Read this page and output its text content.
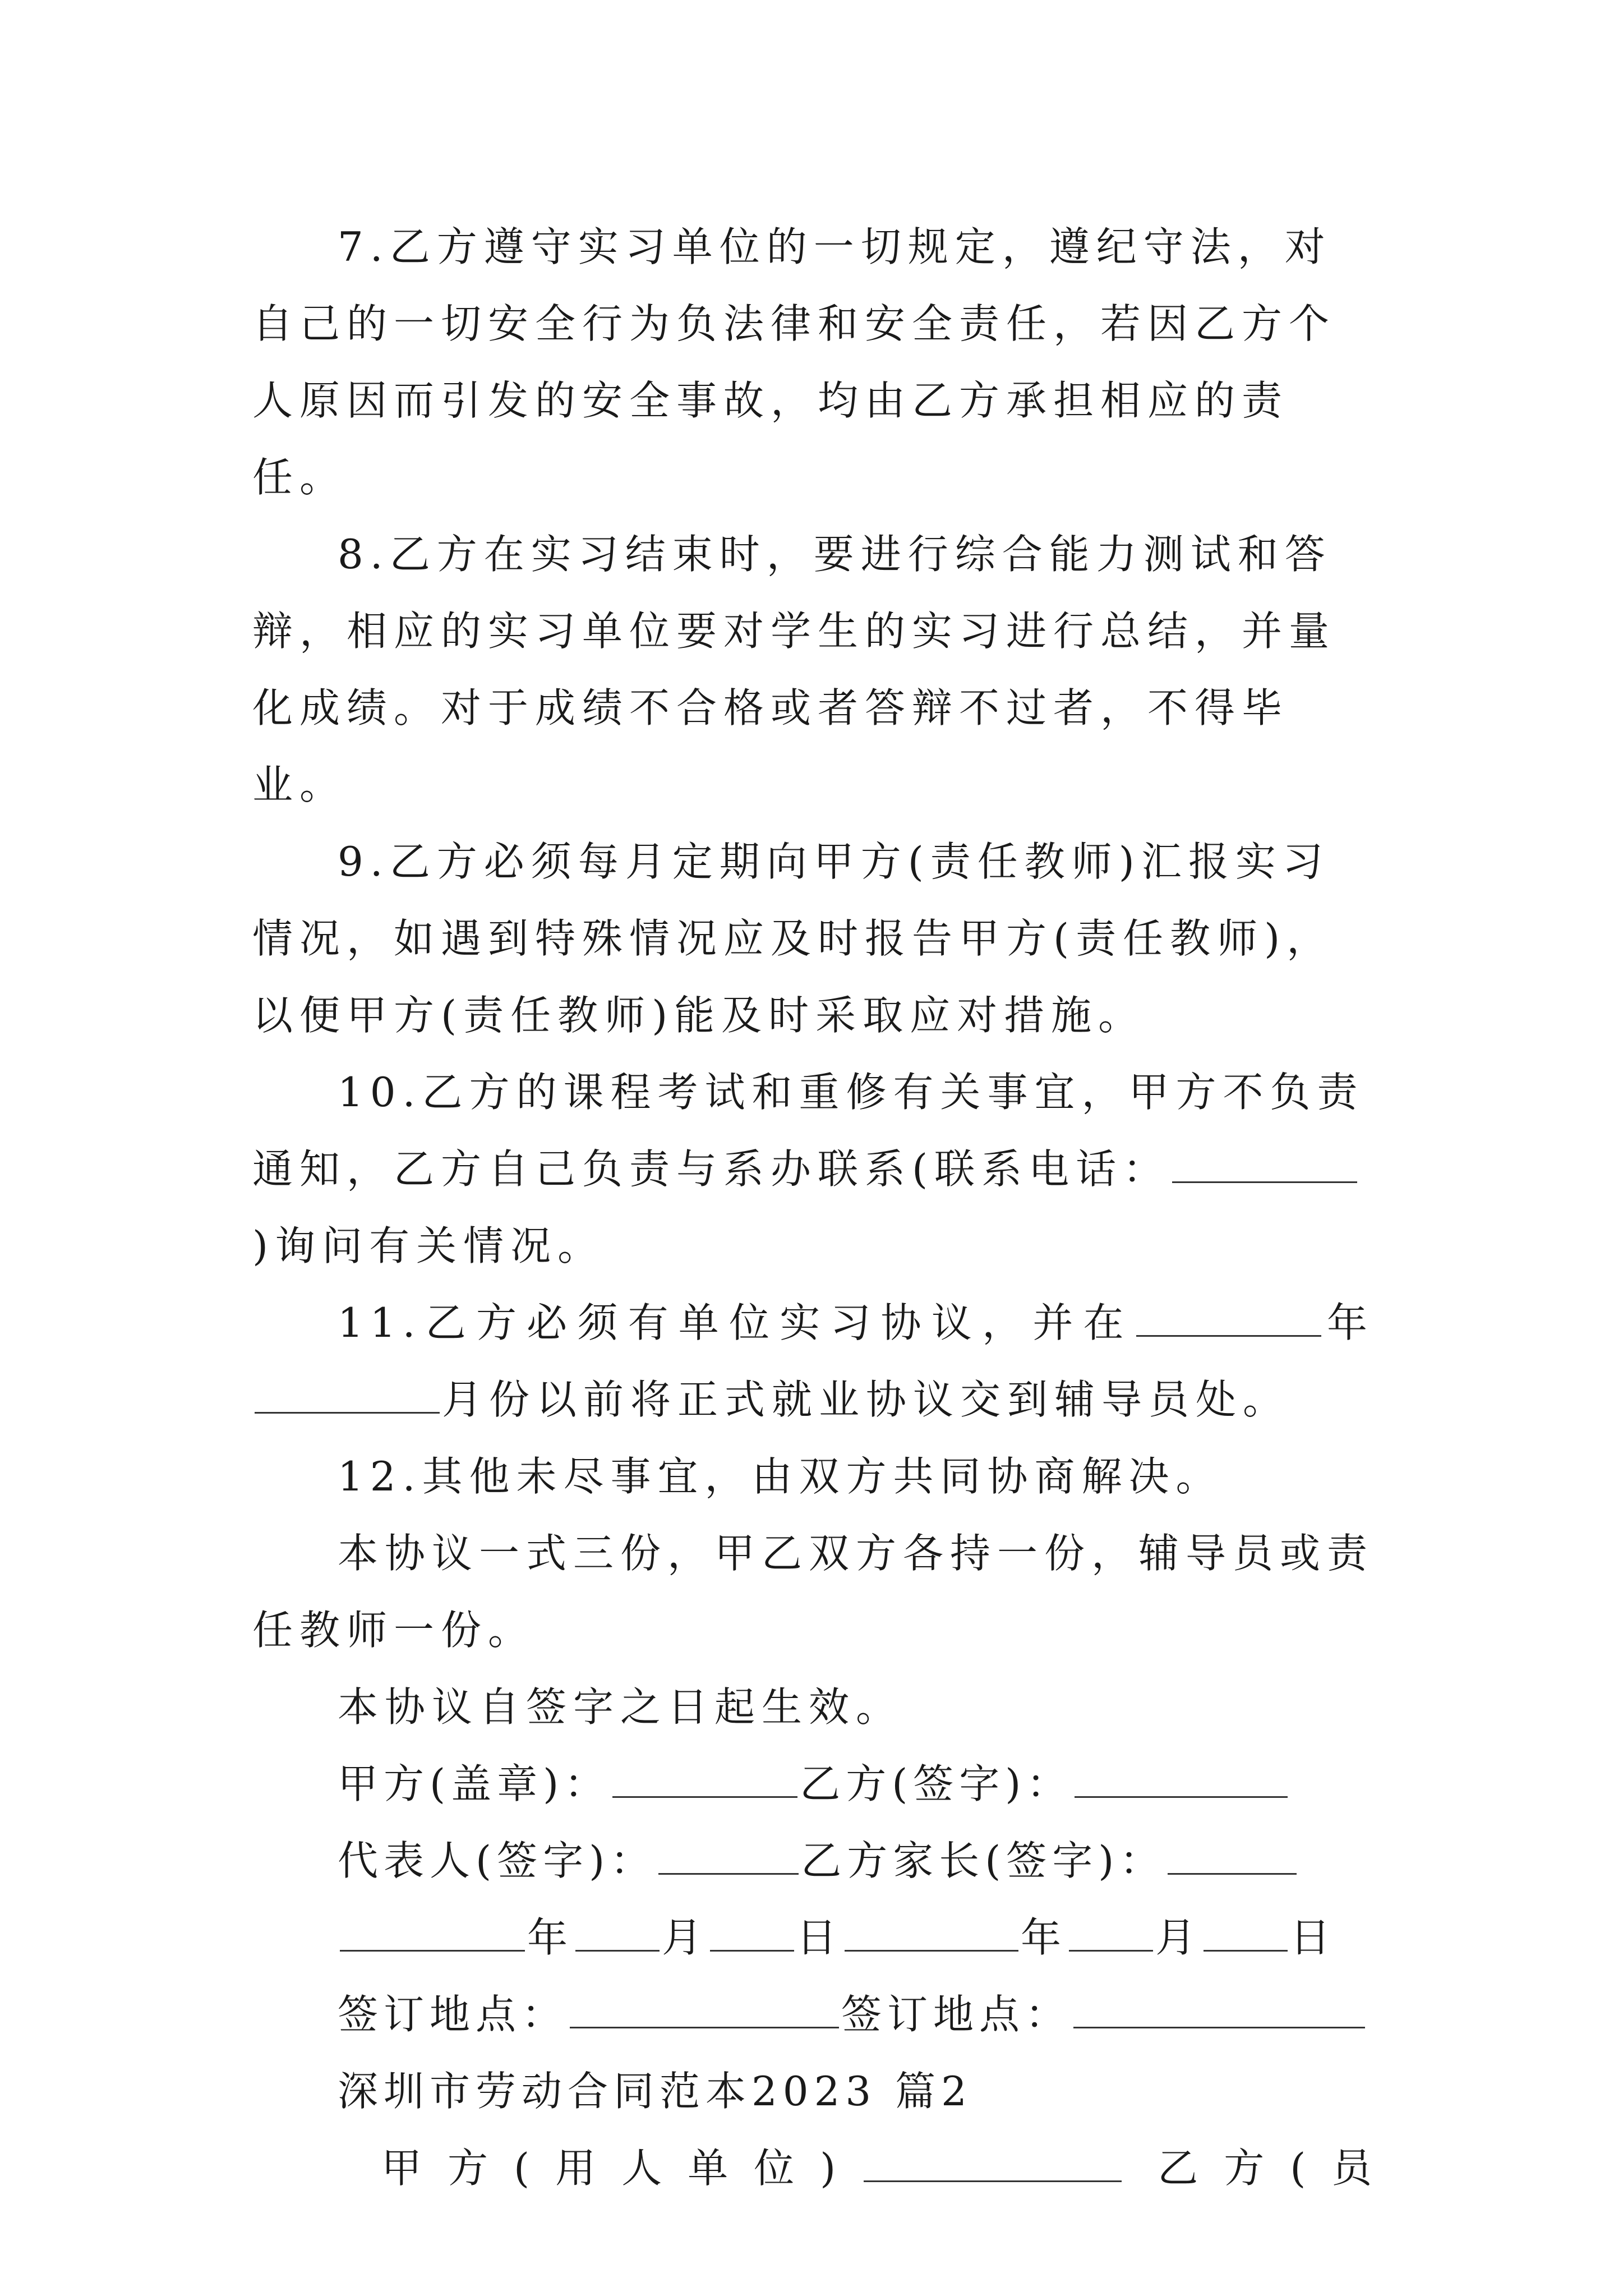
7.乙方遵守实习单位的一切规定，遵纪守法，对自己的一切安全行为负法律和安全责任，若因乙方个人原因而引发的安全事故，均由乙方承担相应的责任。

8.乙方在实习结束时，要进行综合能力测试和答辩，相应的实习单位要对学生的实习进行总结，并量化成绩。对于成绩不合格或者答辩不过者，不得毕业。

9.乙方必须每月定期向甲方(责任教师)汇报实习情况，如遇到特殊情况应及时报告甲方(责任教师)，以便甲方(责任教师)能及时采取应对措施。

10.乙方的课程考试和重修有关事宜，甲方不负责通知，乙方自己负责与系办联系(联系电话：)询问有关情况。

11.乙方必须有单位实习协议，并在	年

月份以前将正式就业协议交到辅导员处。

12.其他未尽事宜，由双方共同协商解决。

本协议一式三份，甲乙双方各持一份，辅导员或责任教师一份。

本协议自签字之日起生效。

甲方(盖章)：	乙方(签字)：
代表人(签字)：	乙方家长(签字)：
年 月 日	年 月 日
签订地点：	签订地点：
深圳市劳动合同范本2023 篇2
甲方(用人单位)	乙方(员
